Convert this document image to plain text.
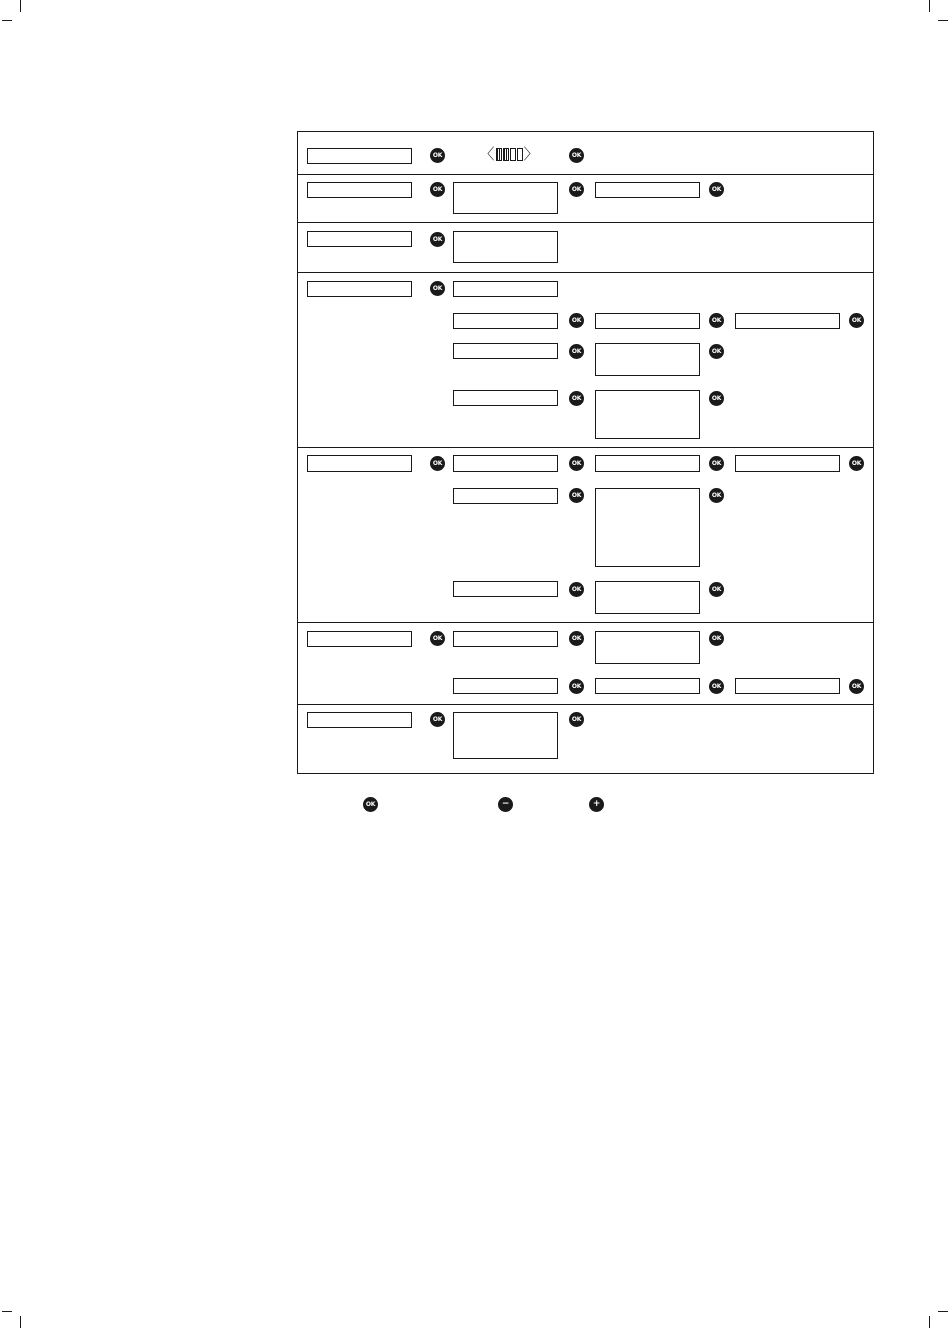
OK 〈 〉	OK
OK	OK	OK
OK
OK
OK	OK	OK
OK	OK
OK	OK
OK	OK	OK	OK
OK	OK
OK	OK
OK	OK	OK
OK	OK	OK
OK	OK
OK	−	+
